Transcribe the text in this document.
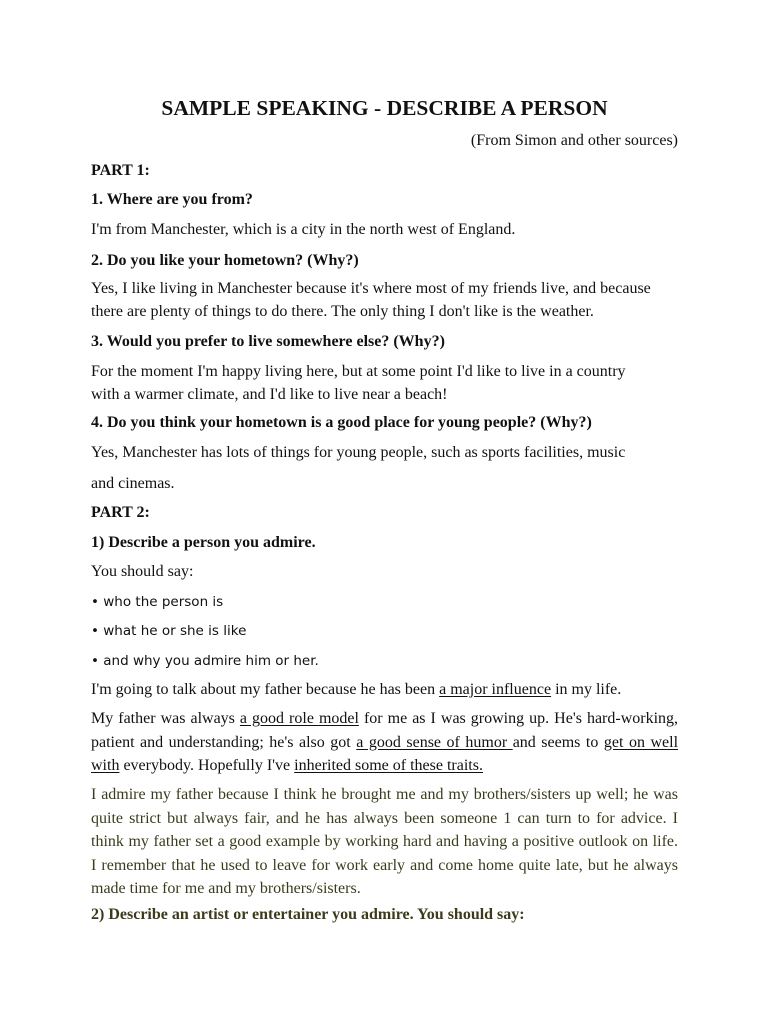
SAMPLE SPEAKING - DESCRIBE A PERSON
(From Simon and other sources)
PART 1:
1. Where are you from?
I'm from Manchester, which is a city in the north west of England.
2. Do you like your hometown? (Why?)
Yes, I like living in Manchester because it's where most of my friends live, and because
there are plenty of things to do there. The only thing I don't like is the weather.
3. Would you prefer to live somewhere else? (Why?)
For the moment I'm happy living here, but at some point I'd like to live in a country
with a warmer climate, and I'd like to live near a beach!
4. Do you think your hometown is a good place for young people? (Why?)
Yes, Manchester has lots of things for young people, such as sports facilities, music
and cinemas.
PART 2:
1) Describe a person you admire.
You should say:
• who the person is
• what he or she is like
• and why you admire him or her.
I'm going to talk about my father because he has been a major influence in my life.
My father was always a good role model for me as I was growing up. He's hard-working, patient and understanding; he's also got a good sense of humor and seems to get on well with everybody. Hopefully I've inherited some of these traits.
I admire my father because I think he brought me and my brothers/sisters up well; he was quite strict but always fair, and he has always been someone 1 can turn to for advice. I think my father set a good example by working hard and having a positive outlook on life. I remember that he used to leave for work early and come home quite late, but he always made time for me and my brothers/sisters.
2) Describe an artist or entertainer you admire. You should say:
